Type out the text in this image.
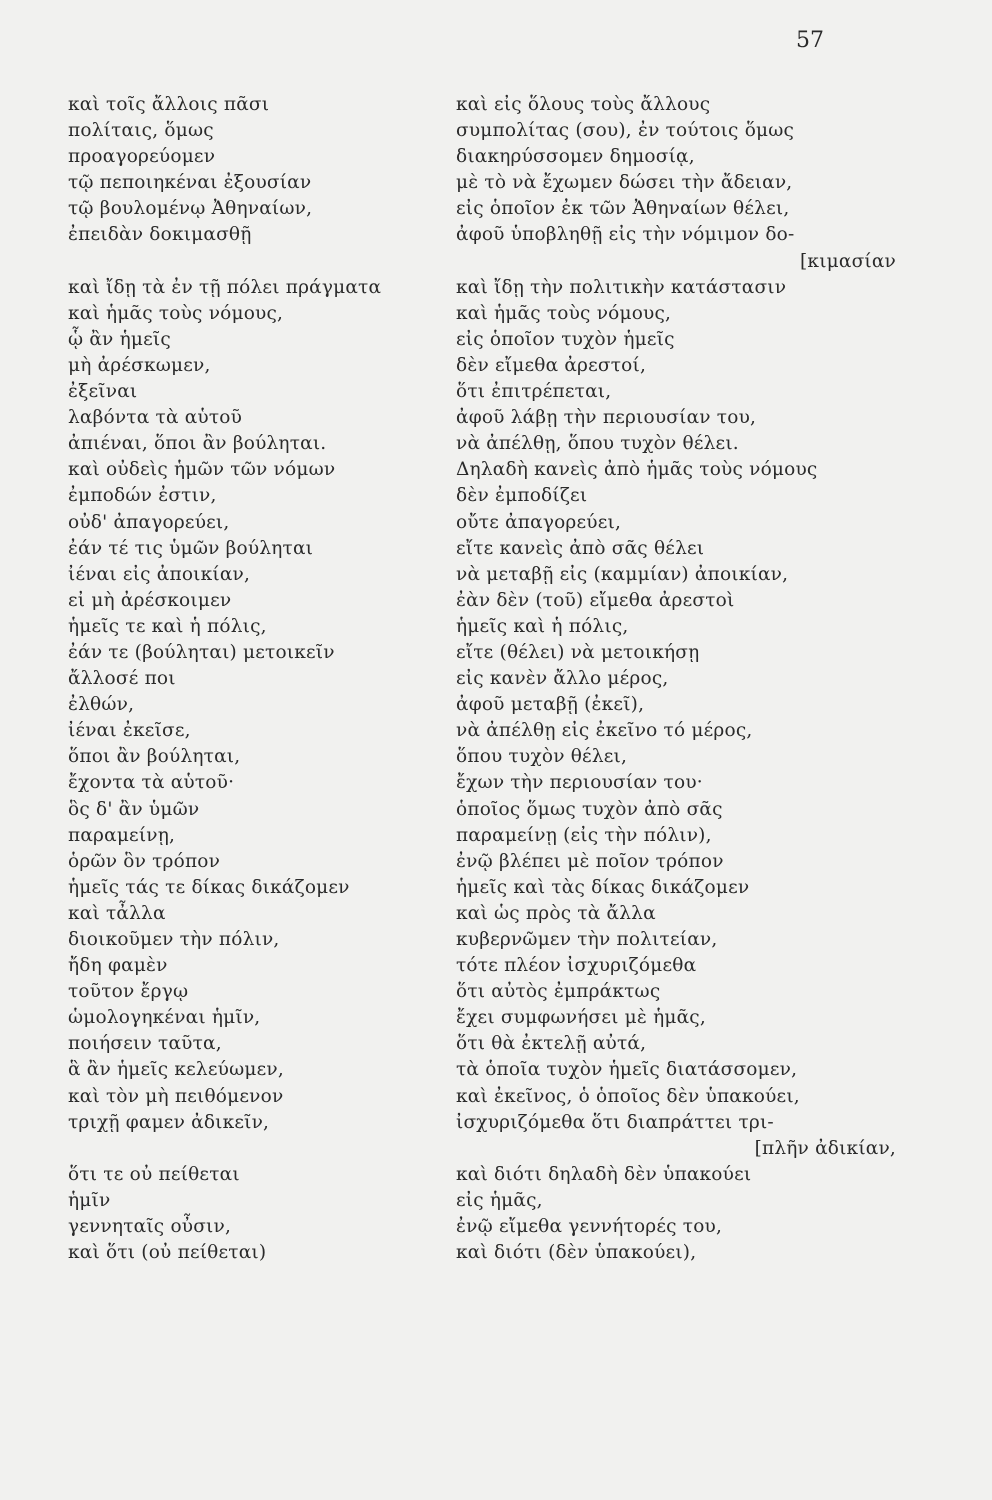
57
καὶ τοῖς ἄλλοις πᾶσι
πολίταις, ὅμως
προαγορεύομεν
τῷ πεποιηκέναι ἐξουσίαν
τῷ βουλομένῳ Ἀθηναίων,
ἐπειδὰν δοκιμασθῇ
καὶ ἴδῃ τὰ ἐν τῇ πόλει πράγματα
καὶ ἡμᾶς τοὺς νόμους,
ᾧ ἂν ἡμεῖς
μὴ ἀρέσκωμεν,
ἐξεῖναι
λαβόντα τὰ αὑτοῦ
ἀπιέναι, ὅποι ἂν βούληται.
καὶ οὐδεὶς ἡμῶν τῶν νόμων
ἐμποδών ἐστιν,
οὐδ' ἀπαγορεύει,
ἐάν τέ τις ὑμῶν βούληται
ἰέναι εἰς ἀποικίαν,
εἰ μὴ ἀρέσκοιμεν
ἡμεῖς τε καὶ ἡ πόλις,
ἐάν τε (βούληται) μετοικεῖν
ἄλλοσέ ποι
ἐλθών,
ἰέναι ἐκεῖσε,
ὅποι ἂν βούληται,
ἔχοντα τὰ αὑτοῦ·
ὃς δ' ἂν ὑμῶν
παραμείνῃ,
ὁρῶν ὃν τρόπον
ἡμεῖς τάς τε δίκας δικάζομεν
καὶ τἆλλα
διοικοῦμεν τὴν πόλιν,
ἤδη φαμὲν
τοῦτον ἔργῳ
ὡμολογηκέναι ἡμῖν,
ποιήσειν ταῦτα,
ἃ ἂν ἡμεῖς κελεύωμεν,
καὶ τὸν μὴ πειθόμενον
τριχῇ φαμεν ἀδικεῖν,
ὅτι τε οὐ πείθεται
ἡμῖν
γεννηταῖς οὖσιν,
καὶ ὅτι (οὐ πείθεται)
καὶ εἰς ὅλους τοὺς ἄλλους
συμπολίτας (σου), ἐν τούτοις ὅμως
διακηρύσσομεν δημοσίᾳ,
μὲ τὸ νὰ ἔχωμεν δώσει τὴν ἄδειαν,
εἰς ὁποῖον ἐκ τῶν Ἀθηναίων θέλει,
ἀφοῦ ὑποβληθῇ εἰς τὴν νόμιμον δο-
[κιμασίαν
καὶ ἴδῃ τὴν πολιτικὴν κατάστασιν
καὶ ἡμᾶς τοὺς νόμους,
εἰς ὁποῖον τυχὸν ἡμεῖς
δὲν εἴμεθα ἀρεστοί,
ὅτι ἐπιτρέπεται,
ἀφοῦ λάβῃ τὴν περιουσίαν του,
νὰ ἀπέλθῃ, ὅπου τυχὸν θέλει.
Δηλαδὴ κανεὶς ἀπὸ ἡμᾶς τοὺς νόμους
δὲν ἐμποδίζει
οὔτε ἀπαγορεύει,
εἴτε κανεὶς ἀπὸ σᾶς θέλει
νὰ μεταβῇ εἰς (καμμίαν) ἀποικίαν,
ἐὰν δὲν (τοῦ) εἴμεθα ἀρεστοὶ
ἡμεῖς καὶ ἡ πόλις,
εἴτε (θέλει) νὰ μετοικήσῃ
εἰς κανὲν ἄλλο μέρος,
ἀφοῦ μεταβῇ (ἐκεῖ),
νὰ ἀπέλθῃ εἰς ἐκεῖνο τό μέρος,
ὅπου τυχὸν θέλει,
ἔχων τὴν περιουσίαν του·
ὁποῖος ὅμως τυχὸν ἀπὸ σᾶς
παραμείνῃ (εἰς τὴν πόλιν),
ἐνῷ βλέπει μὲ ποῖον τρόπον
ἡμεῖς καὶ τὰς δίκας δικάζομεν
καὶ ὡς πρὸς τὰ ἄλλα
κυβερνῶμεν τὴν πολιτείαν,
τότε πλέον ἰσχυριζόμεθα
ὅτι αὐτὸς ἐμπράκτως
ἔχει συμφωνήσει μὲ ἡμᾶς,
ὅτι θὰ ἐκτελῇ αὐτά,
τὰ ὁποῖα τυχὸν ἡμεῖς διατάσσομεν,
καὶ ἐκεῖνος, ὁ ὁποῖος δὲν ὑπακούει,
ἰσχυριζόμεθα ὅτι διαπράττει τρι-
[πλῆν ἀδικίαν,
καὶ διότι δηλαδὴ δὲν ὑπακούει
εἰς ἡμᾶς,
ἐνῷ εἴμεθα γεννήτορές του,
καὶ διότι (δὲν ὑπακούει),
